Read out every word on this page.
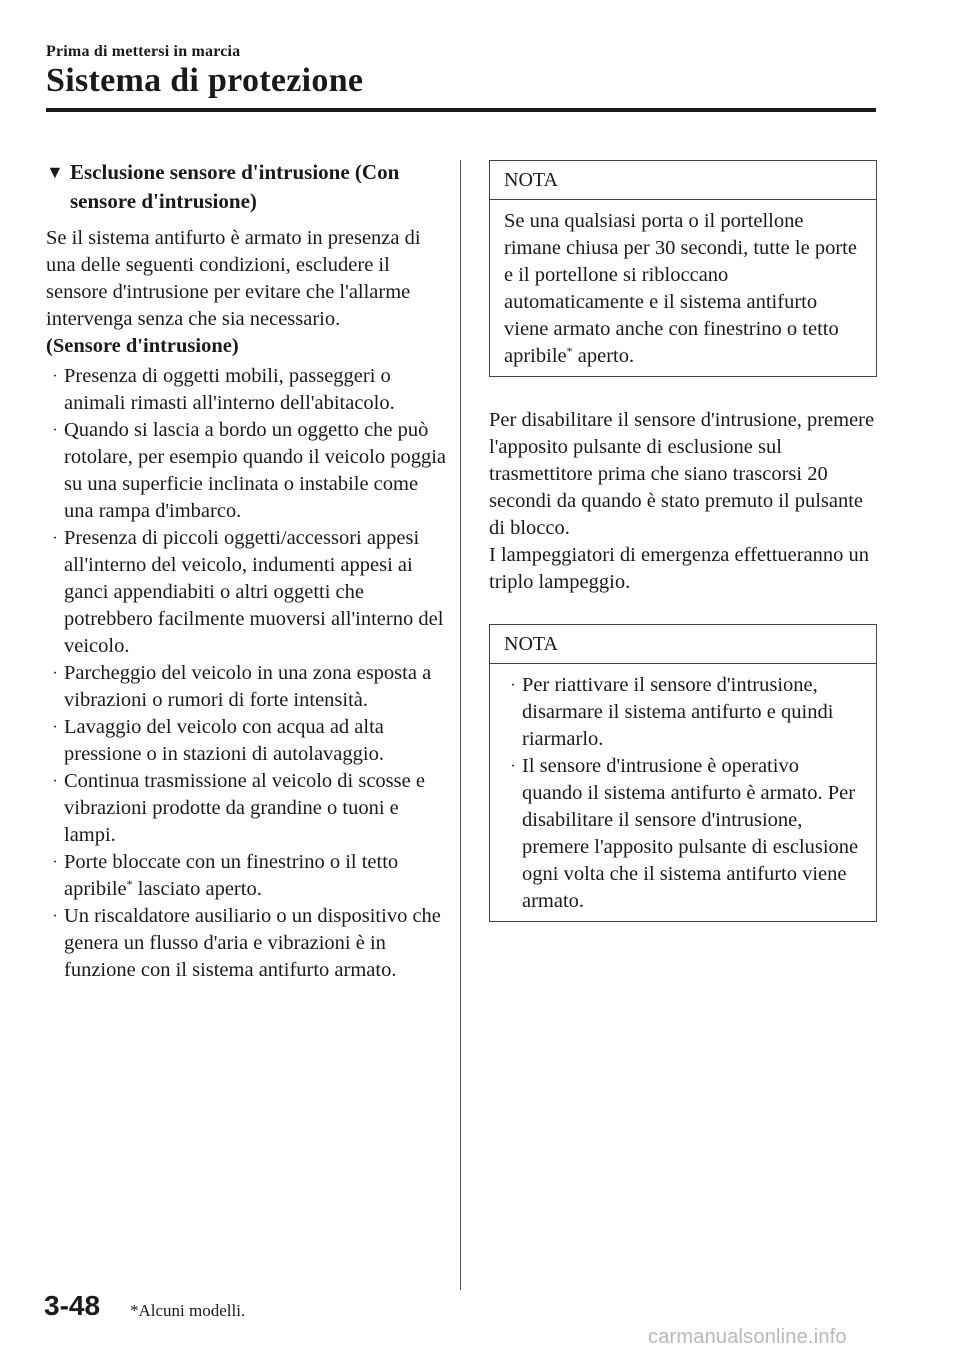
Prima di mettersi in marcia
Sistema di protezione
▼ Esclusione sensore d'intrusione (Con sensore d'intrusione)

Se il sistema antifurto è armato in presenza di una delle seguenti condizioni, escludere il sensore d'intrusione per evitare che l'allarme intervenga senza che sia necessario.

(Sensore d'intrusione)

· Presenza di oggetti mobili, passeggeri o animali rimasti all'interno dell'abitacolo.
· Quando si lascia a bordo un oggetto che può rotolare, per esempio quando il veicolo poggia su una superficie inclinata o instabile come una rampa d'imbarco.
· Presenza di piccoli oggetti/accessori appesi all'interno del veicolo, indumenti appesi ai ganci appendiabiti o altri oggetti che potrebbero facilmente muoversi all'interno del veicolo.
· Parcheggio del veicolo in una zona esposta a vibrazioni o rumori di forte intensità.
· Lavaggio del veicolo con acqua ad alta pressione o in stazioni di autolavaggio.
· Continua trasmissione al veicolo di scosse e vibrazioni prodotte da grandine o tuoni e lampi.
· Porte bloccate con un finestrino o il tetto apribile* lasciato aperto.
· Un riscaldatore ausiliario o un dispositivo che genera un flusso d'aria e vibrazioni è in funzione con il sistema antifurto armato.
NOTA
Se una qualsiasi porta o il portellone rimane chiusa per 30 secondi, tutte le porte e il portellone si ribloccano automaticamente e il sistema antifurto viene armato anche con finestrino o tetto apribile* aperto.

Per disabilitare il sensore d'intrusione, premere l'apposito pulsante di esclusione sul trasmettitore prima che siano trascorsi 20 secondi da quando è stato premuto il pulsante di blocco.

I lampeggiatori di emergenza effettueranno un triplo lampeggio.

NOTA
· Per riattivare il sensore d'intrusione, disarmare il sistema antifurto e quindi riarmarlo.
· Il sensore d'intrusione è operativo quando il sistema antifurto è armato. Per disabilitare il sensore d'intrusione, premere l'apposito pulsante di esclusione ogni volta che il sistema antifurto viene armato.
3-48 *Alcuni modelli.
carmanualsonline.info
